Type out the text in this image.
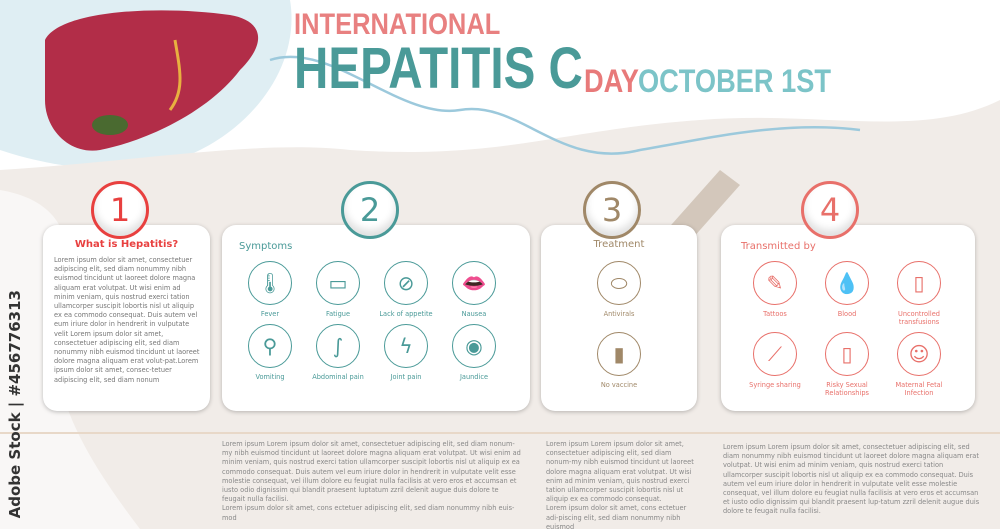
Adobe Stock | #456776313
INTERNATIONAL
HEPATITIS C DAY OCTOBER 1ST
What is Hepatitis?
Lorem ipsum dolor sit amet, consectetuer adipiscing elit, sed diam nonummy nibh euismod tincidunt ut laoreet dolore magna aliquam erat volutpat. Ut wisi enim ad minim veniam, quis nostrud exerci tation ullamcorper suscipit lobortis nisl ut aliquip ex ea commodo consequat. Duis autem vel eum iriure dolor in hendrerit in vulputate velit Lorem ipsum dolor sit amet, consectetuer adipiscing elit, sed diam nonummy nibh euismod tincidunt ut laoreet dolore magna aliquam erat volut-pat.Lorem ipsum dolor sit amet, consec-tetuer adipiscing elit, sed diam nonum
1
Symptoms
🌡
Fever
▭
Fatigue
⊘
Lack of appetite
👄
Nausea
⚲
Vomiting
∫
Abdominal pain
ϟ
Joint pain
◉
Jaundice
2
Treatment
⬭
Antivirals
▮
No vaccine
3
Transmitted by
✎
Tattoos
💧
Blood
▯
Uncontrolled transfusions
⟋
Syringe sharing
▯
Risky Sexual Relationships
☺
Maternal Fetal Infection
4
Lorem ipsum Lorem ipsum dolor sit amet, consectetuer adipiscing elit, sed diam nonum-my nibh euismod tincidunt ut laoreet dolore magna aliquam erat volutpat. Ut wisi enim ad minim veniam, quis nostrud exerci tation ullamcorper suscipit lobortis nisl ut aliquip ex ea commodo consequat. Duis autem vel eum iriure dolor in hendrerit in vulputate velit esse molestie consequat, vel illum dolore eu feugiat nulla facilisis at vero eros et accumsan et iusto odio dignissim qui blandit praesent luptatum zzril delenit augue duis dolore te feugait nulla facilisi.
Lorem ipsum dolor sit amet, cons ectetuer adipiscing elit, sed diam nonummy nibh euis-mod
Lorem ipsum Lorem ipsum dolor sit amet, consectetuer adipiscing elit, sed diam nonum-my nibh euismod tincidunt ut laoreet dolore magna aliquam erat volutpat. Ut wisi enim ad minim veniam, quis nostrud exerci tation ullamcorper suscipit lobortis nisl ut aliquip ex ea commodo consequat.
Lorem ipsum dolor sit amet, cons ectetuer adi-piscing elit, sed diam nonummy nibh euismod
Lorem ipsum Lorem ipsum dolor sit amet, consectetuer adipiscing elit, sed diam nonummy nibh euismod tincidunt ut laoreet dolore magna aliquam erat volutpat. Ut wisi enim ad minim veniam, quis nostrud exerci tation ullamcorper suscipit lobortis nisl ut aliquip ex ea commodo consequat. Duis autem vel eum iriure dolor in hendrerit in vulputate velit esse molestie consequat, vel illum dolore eu feugiat nulla facilisis at vero eros et accumsan et iusto odio dignissim qui blandit praesent lup-tatum zzril delenit augue duis dolore te feugait nulla facilisi.
